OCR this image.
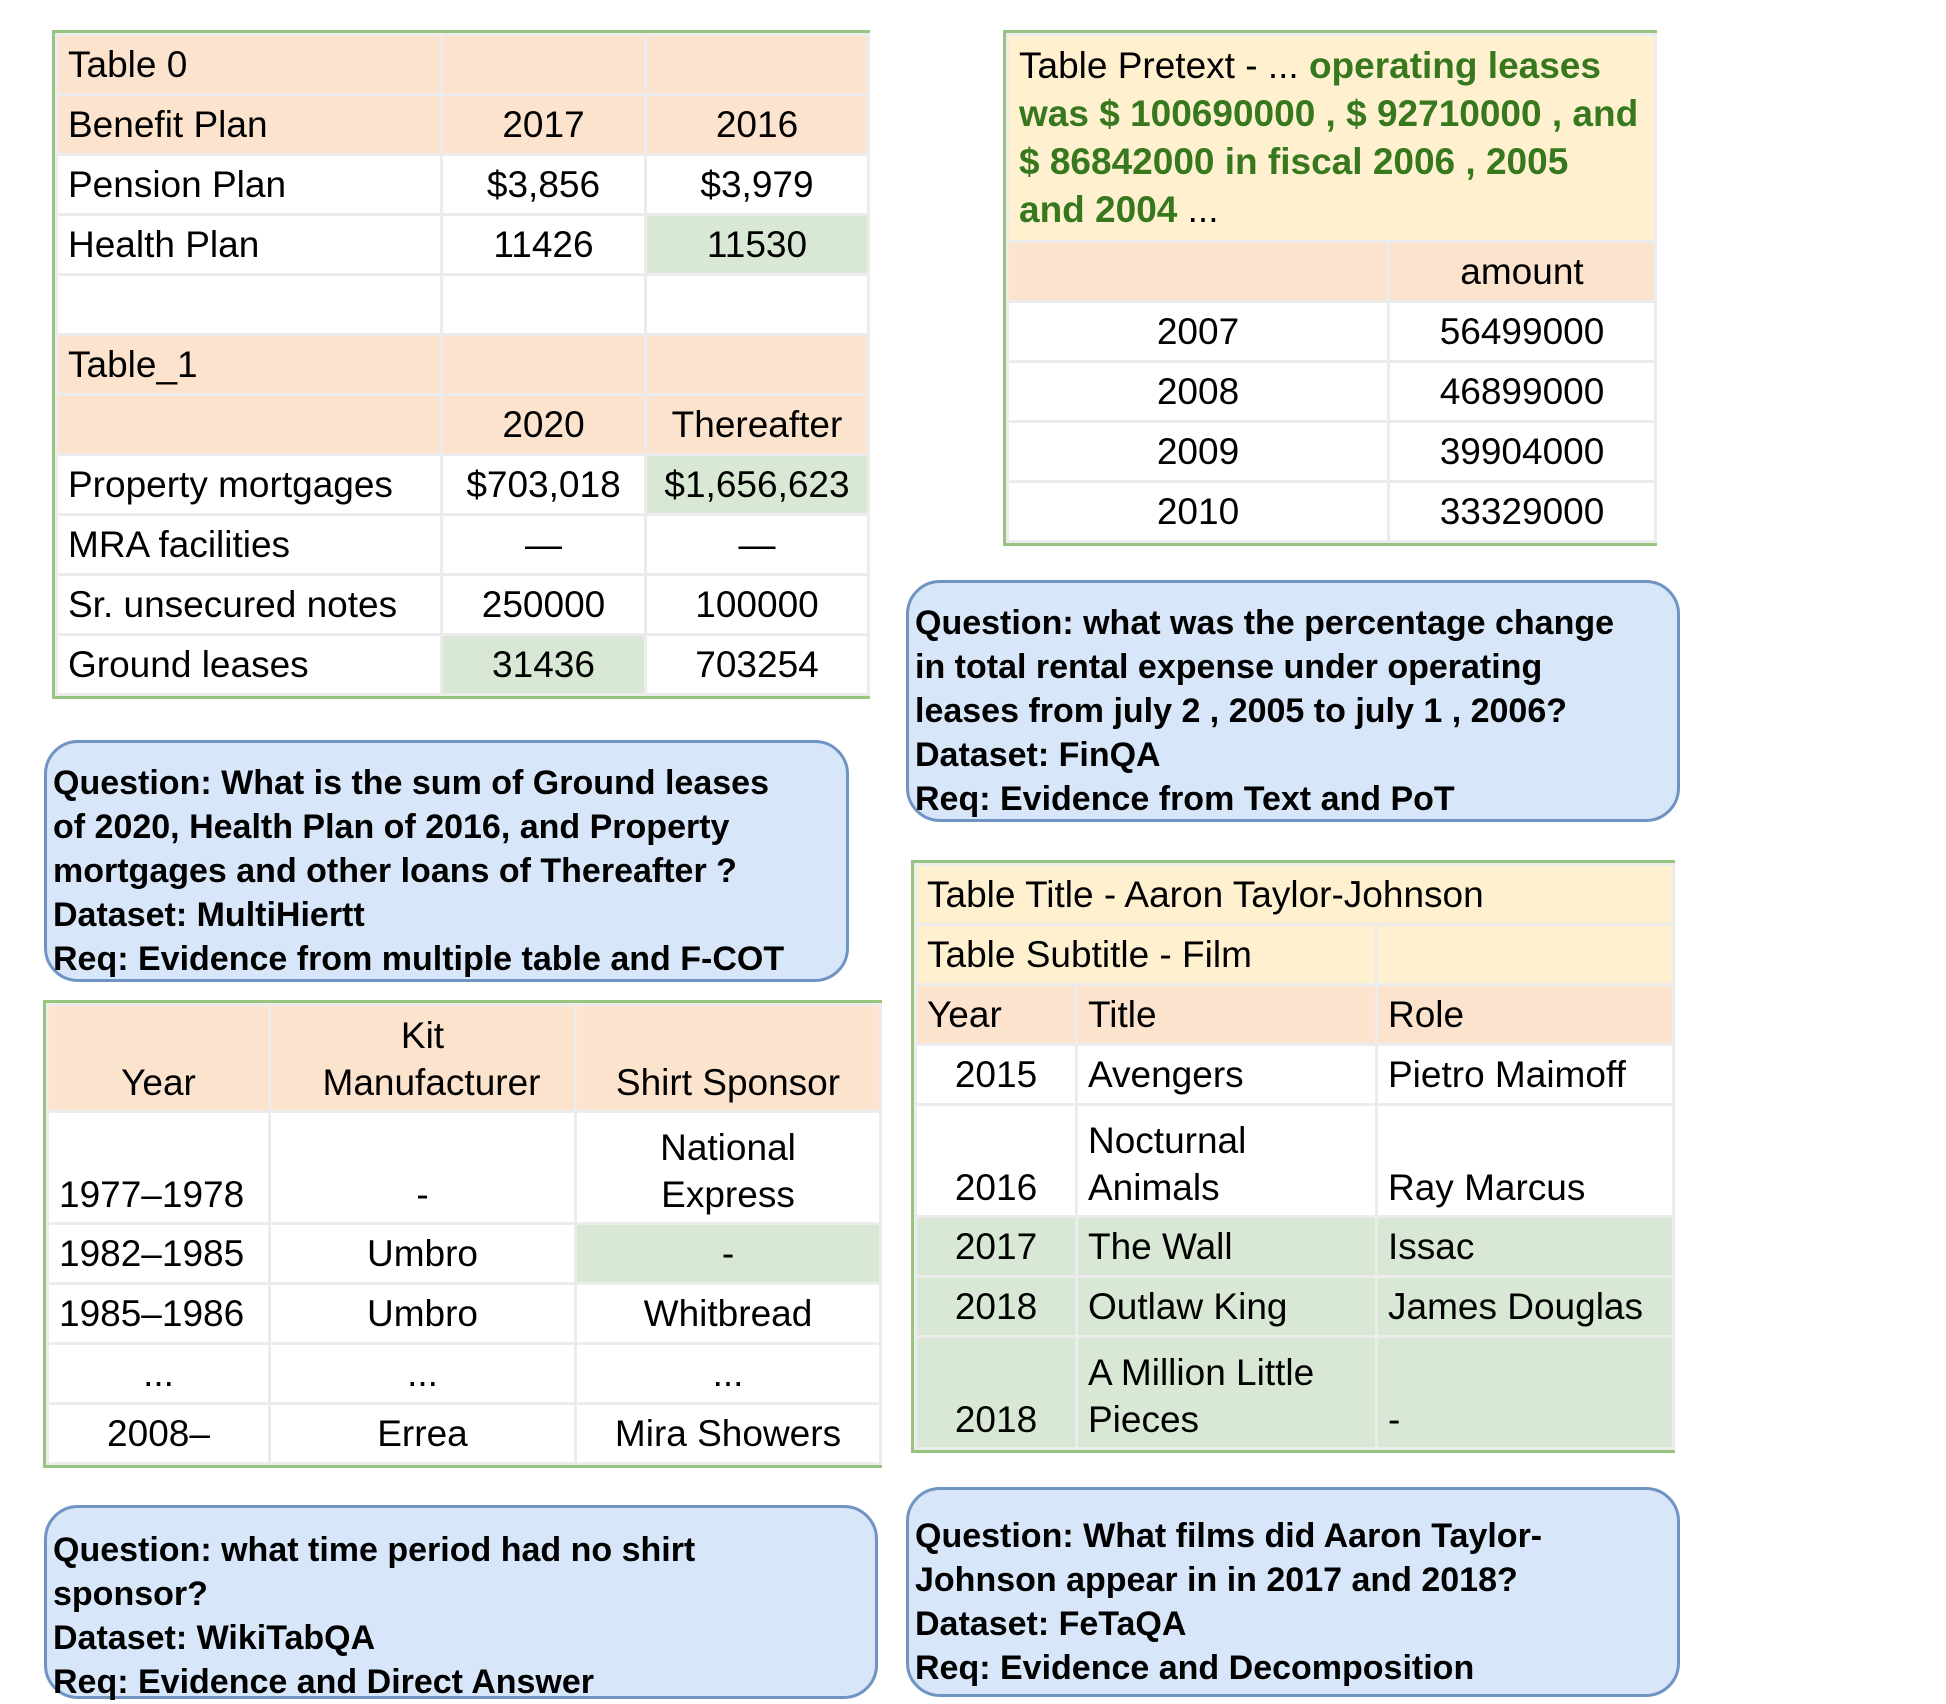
Table 0		
Benefit Plan	2017	2016
Pension Plan	$3,856	$3,979
Health Plan	11426	11530

Table_1		
	2020	Thereafter
Property mortgages	$703,018	$1,656,623
MRA facilities	—	—
Sr. unsecured notes	250000	100000
Ground leases	31436	703254
Question: What is the sum of Ground leases
of 2020, Health Plan of 2016, and Property
mortgages and other loans of Thereafter ?
Dataset: MultiHiertt
Req: Evidence from multiple table and F-COT
Table Pretext - ... operating leases was $ 100690000 , $ 92710000 , and $ 86842000 in fiscal 2006 , 2005 and 2004 ...	
	amount
2007	56499000
2008	46899000
2009	39904000
2010	33329000
Question: what was the percentage change
in total rental expense under operating
leases from july 2 , 2005 to july 1 , 2006?
Dataset: FinQA
Req: Evidence from Text and PoT
Year	Kit Manufacturer	Shirt Sponsor
1977–1978	-	National Express

1982–1985	Umbro	-
1985–1986	Umbro	Whitbread
...	...	...
2008–	Errea	Mira Showers
Question: what time period had no shirt
sponsor?
Dataset: WikiTabQA
Req: Evidence and Direct Answer
Table Title - Aaron Taylor-Johnson		
Table Subtitle - Film		
Year	Title	Role
2015	Avengers	Pietro Maimoff
2016	Nocturnal Animals	Ray Marcus
2017	The Wall	Issac
2018	Outlaw King	James Douglas
2018	A Million Little Pieces	-
Question: What films did Aaron Taylor-
Johnson appear in in 2017 and 2018?
Dataset: FeTaQA
Req: Evidence and Decomposition
